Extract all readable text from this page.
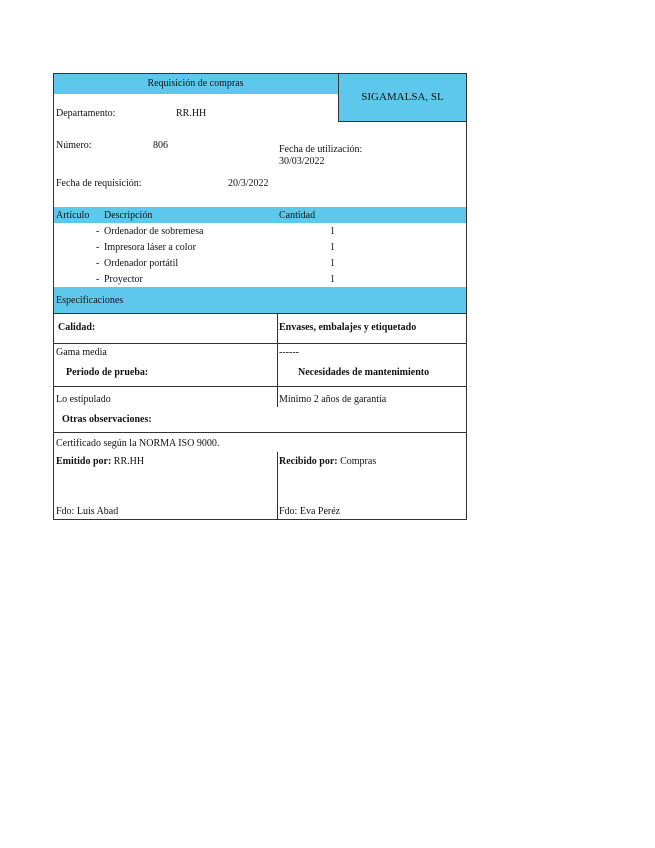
Requisición de compras
SIGAMALSA, SL
Departamento:	RR.HH
Número:	806	Fecha de utilización:
30/03/2022
Fecha de requisición:	20/3/2022
Artículo Descripción	Cantidad
- Ordenador de sobremesa	1
- Impresora láser a color	1
- Ordenador portátil	1
- Proyector	1
Especificaciones
Calidad:	Envases, embalajes y etiquetado
Gama media	------
Periodo de prueba:	Necesidades de mantenimiento
Lo estipulado	Mínimo 2 años de garantía
Otras observaciones:
Certificado según la NORMA ISO 9000.
Emitido por: RR.HH	Recibido por: Compras
Fdo: Luis Abad	Fdo: Eva Peréz
